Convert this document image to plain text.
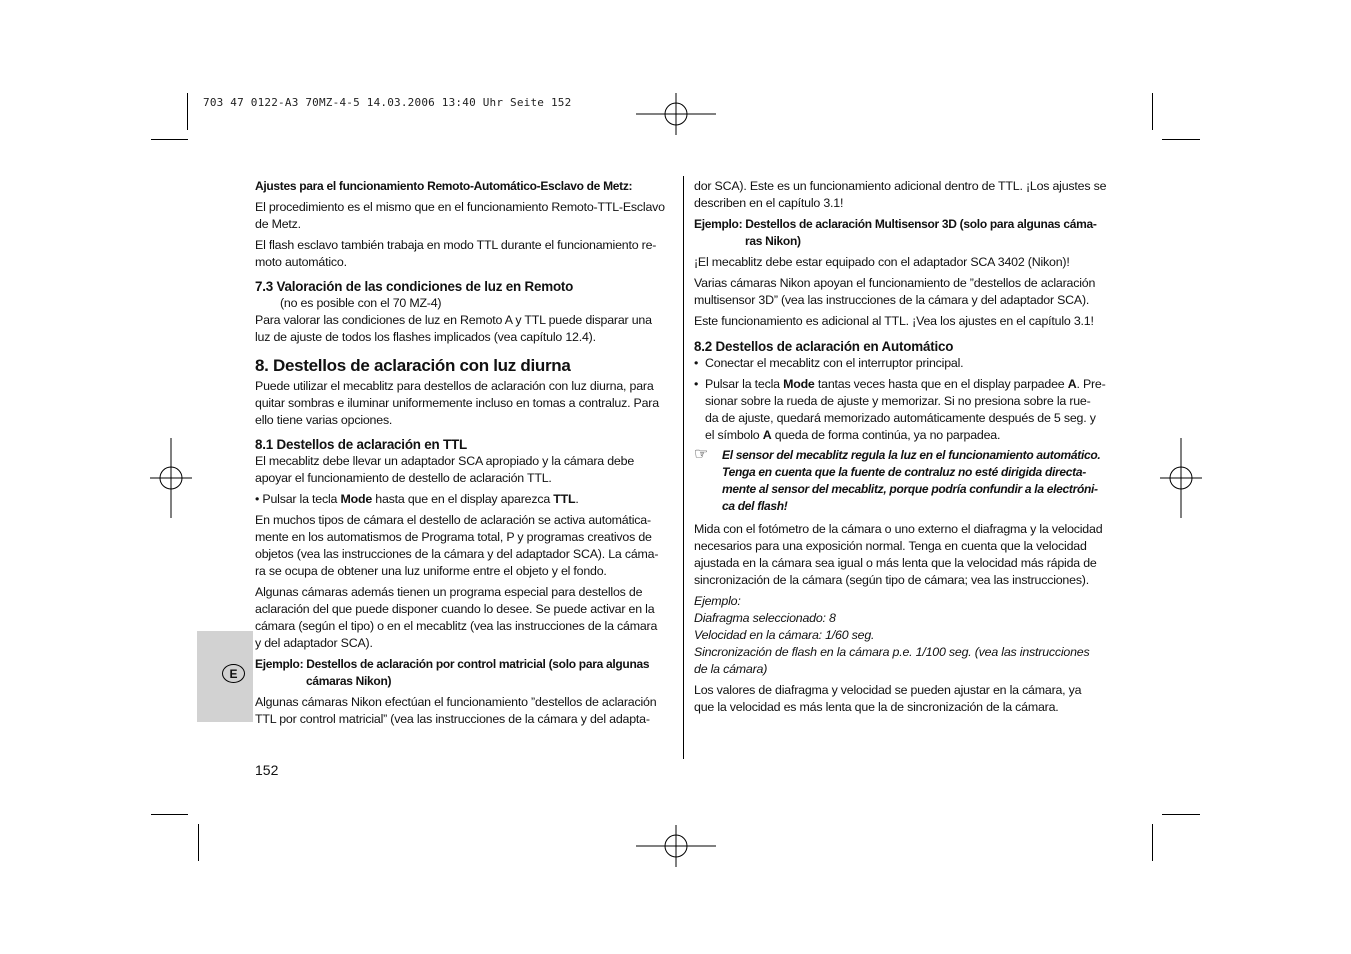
703 47 0122-A3 70MZ-4-5 14.03.2006 13:40 Uhr Seite 152
E

Ajustes para el funcionamiento Remoto-Automático-Esclavo de Metz:

El procedimiento es el mismo que en el funcionamiento Remoto-TTL-Esclavo
de Metz.

El flash esclavo también trabaja en modo TTL durante el funcionamiento re-
moto automático.

7.3 Valoración de las condiciones de luz en Remoto

(no es posible con el 70 MZ-4)

Para valorar las condiciones de luz en Remoto A y TTL puede disparar una
luz de ajuste de todos los flashes implicados (vea capítulo 12.4).

8. Destellos de aclaración con luz diurna

Puede utilizar el mecablitz para destellos de aclaración con luz diurna, para
quitar sombras e iluminar uniformemente incluso en tomas a contraluz. Para
ello tiene varias opciones.

8.1 Destellos de aclaración en TTL

El mecablitz debe llevar un adaptador SCA apropiado y la cámara debe
apoyar el funcionamiento de destello de aclaración TTL.

• Pulsar la tecla Mode hasta que en el display aparezca TTL.

En muchos tipos de cámara el destello de aclaración se activa automática-
mente en los automatismos de Programa total, P y programas creativos de
objetos (vea las instrucciones de la cámara y del adaptador SCA). La cáma-
ra se ocupa de obtener una luz uniforme entre el objeto y el fondo.

Algunas cámaras además tienen un programa especial para destellos de
aclaración del que puede disponer cuando lo desee. Se puede activar en la
cámara (según el tipo) o en el mecablitz (vea las instrucciones de la cámara
y del adaptador SCA).

Ejemplo: Destellos de aclaración por control matricial (solo para algunas
cámaras Nikon)

Algunas cámaras Nikon efectúan el funcionamiento ”destellos de aclaración
TTL por control matricial” (vea las instrucciones de la cámara y del adapta-

152

dor SCA). Este es un funcionamiento adicional dentro de TTL. ¡Los ajustes se
describen en el capítulo 3.1!

Ejemplo: Destellos de aclaración Multisensor 3D (solo para algunas cáma-
ras Nikon)

¡El mecablitz debe estar equipado con el adaptador SCA 3402 (Nikon)!

Varias cámaras Nikon apoyan el funcionamiento de ”destellos de aclaración
multisensor 3D” (vea las instrucciones de la cámara y del adaptador SCA).

Este funcionamiento es adicional al TTL. ¡Vea los ajustes en el capítulo 3.1!

8.2 Destellos de aclaración en Automático

• Conectar el mecablitz con el interruptor principal.

• Pulsar la tecla Mode tantas veces hasta que en el display parpadee A. Pre-
sionar sobre la rueda de ajuste y memorizar. Si no presiona sobre la rue-
da de ajuste, quedará memorizado automáticamente después de 5 seg. y
el símbolo A queda de forma continúa, ya no parpadea.

☞ El sensor del mecablitz regula la luz en el funcionamiento automático.
Tenga en cuenta que la fuente de contraluz no esté dirigida directa-
mente al sensor del mecablitz, porque podría confundir a la electróni-
ca del flash!

Mida con el fotómetro de la cámara o uno externo el diafragma y la velocidad
necesarios para una exposición normal. Tenga en cuenta que la velocidad
ajustada en la cámara sea igual o más lenta que la velocidad más rápida de
sincronización de la cámara (según tipo de cámara; vea las instrucciones).

Ejemplo:
Diafragma seleccionado: 8
Velocidad en la cámara: 1/60 seg.
Sincronización de flash en la cámara p.e. 1/100 seg. (vea las instrucciones
de la cámara)

Los valores de diafragma y velocidad se pueden ajustar en la cámara, ya
que la velocidad es más lenta que la de sincronización de la cámara.
